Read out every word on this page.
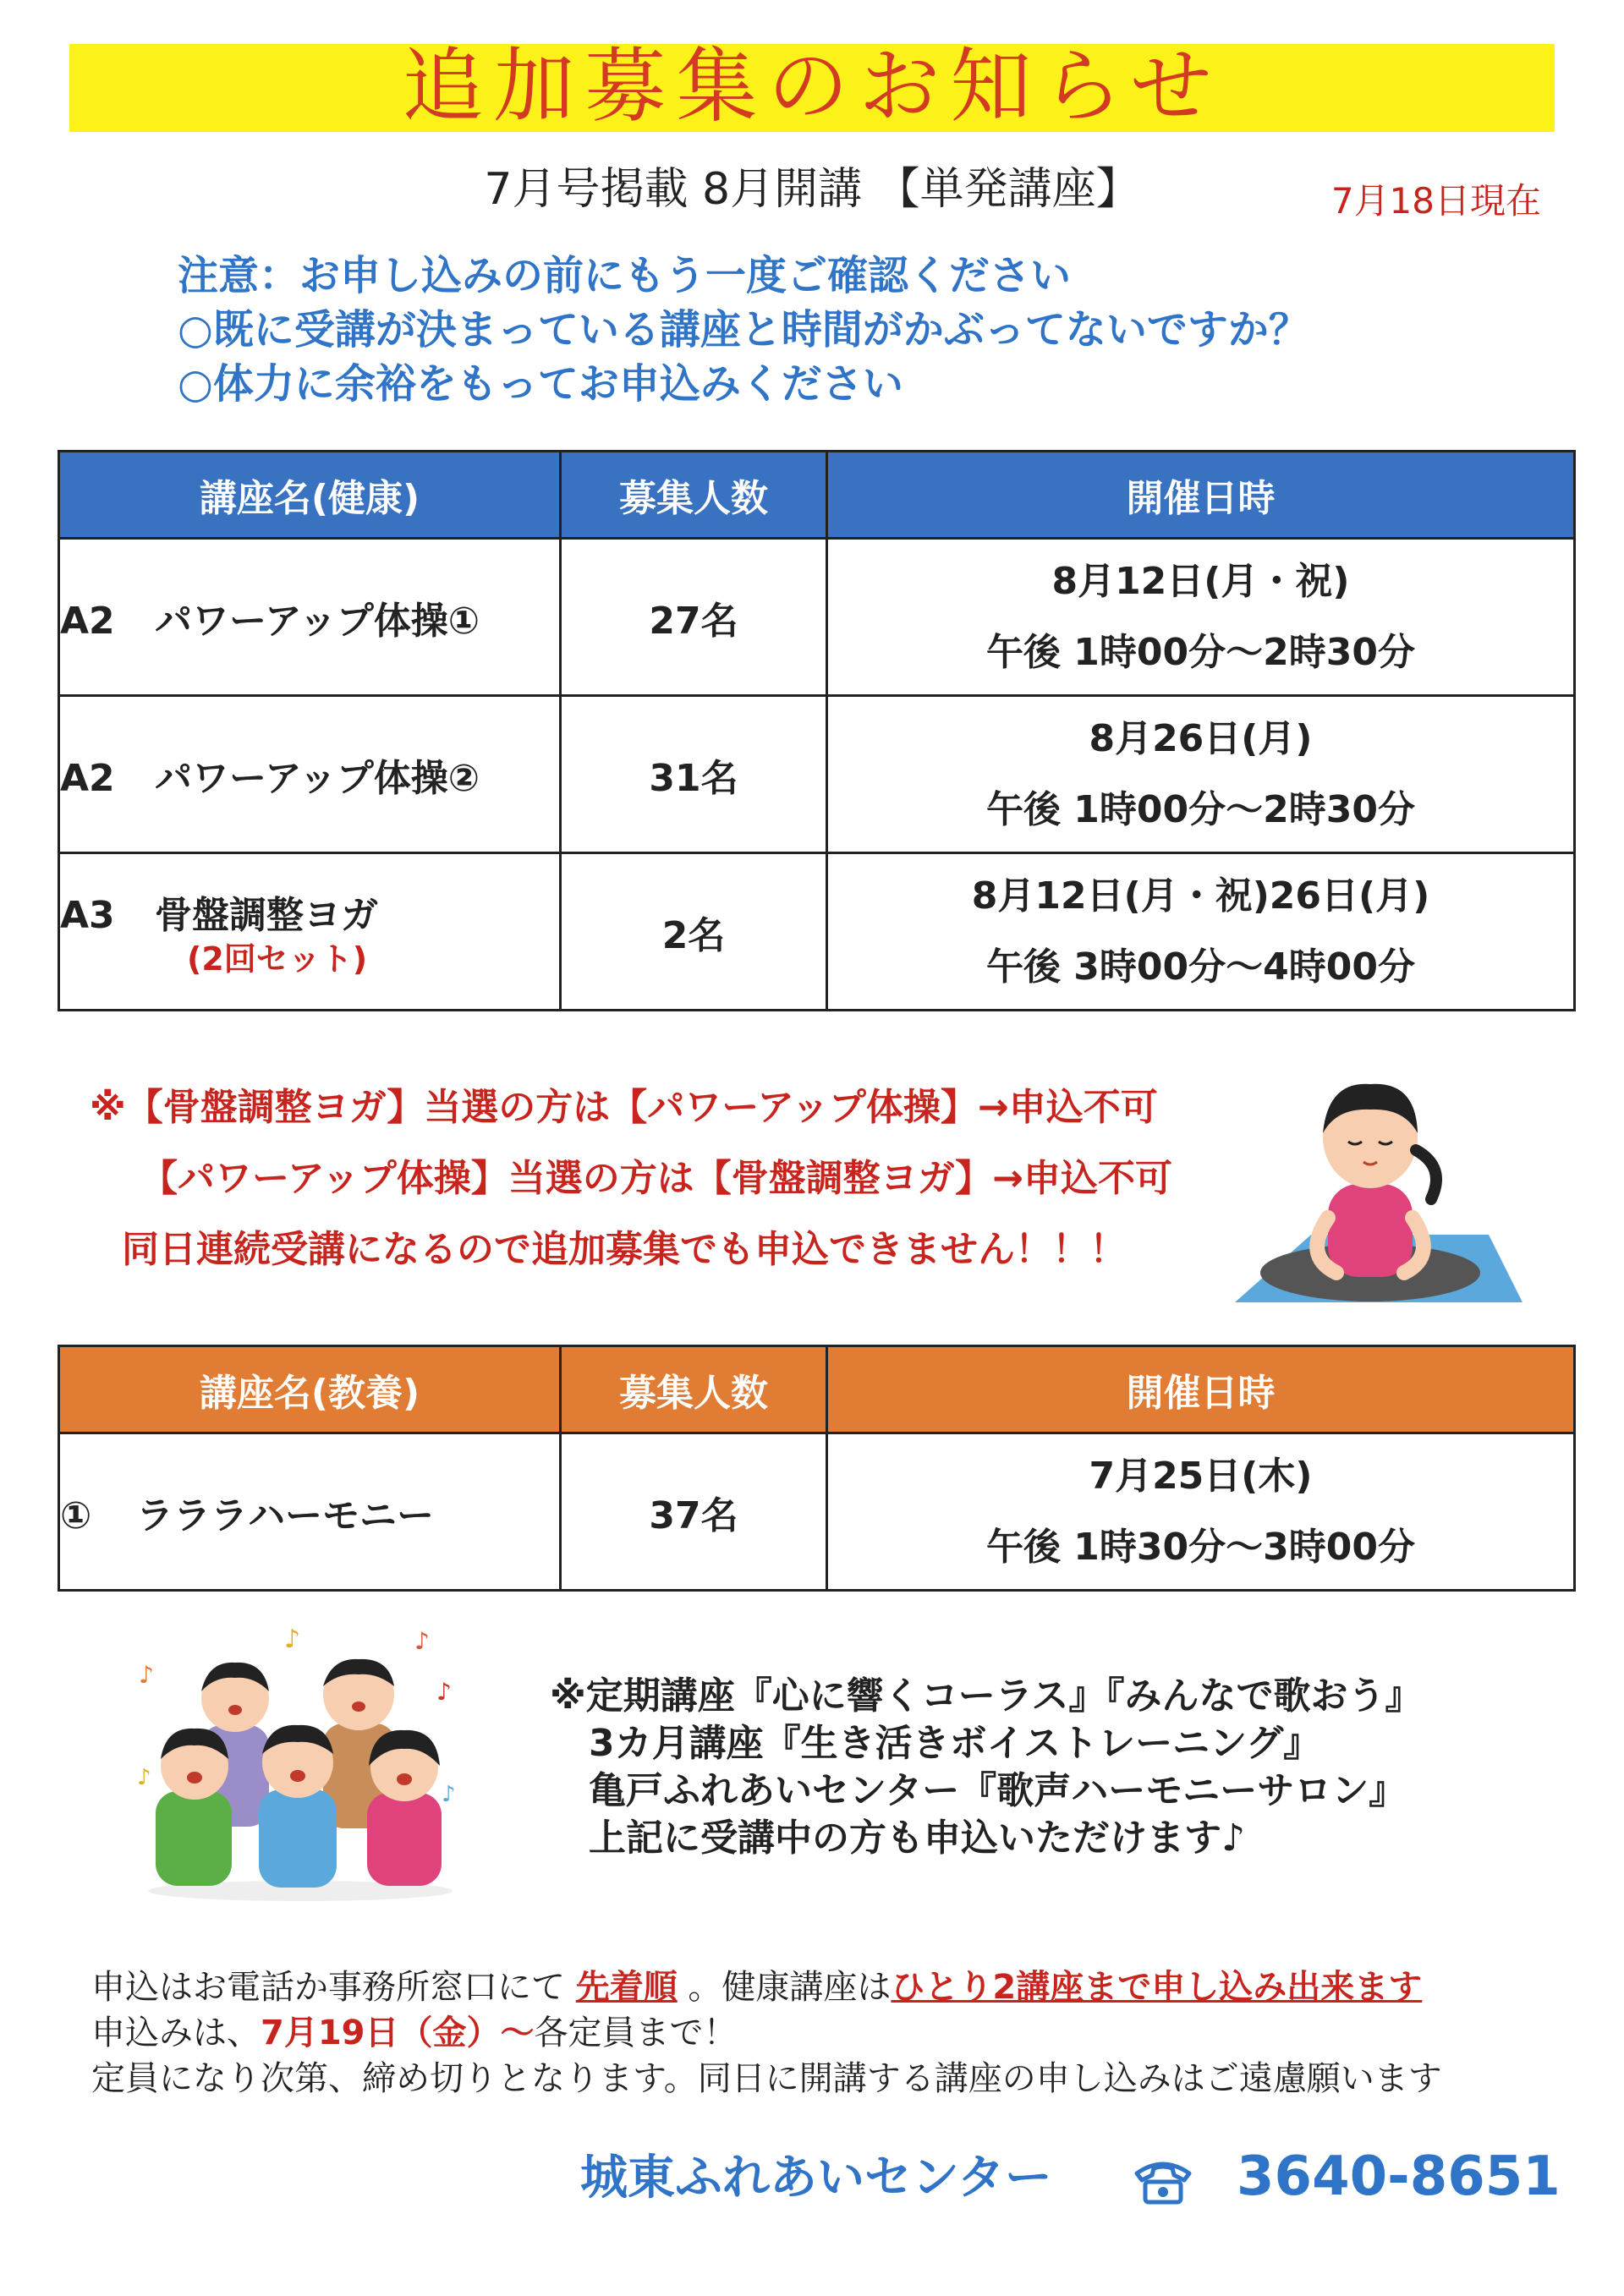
追加募集のお知らせ
7月号掲載 8月開講 【単発講座】	7月18日現在
注意：お申し込みの前にもう一度ご確認ください
○既に受講が決まっている講座と時間がかぶってないですか？
○体力に余裕をもってお申込みください
講座名(健康)	募集人数	開催日時
A2 パワーアップ体操①	27名	8月12日(月・祝)
午後 1時00分～2時30分

A2 パワーアップ体操②	31名	8月26日(月)
午後 1時00分～2時30分

A3 骨盤調整ヨガ
(2回セット)	2名	8月12日(月・祝)26日(月)
午後 3時00分～4時00分
※【骨盤調整ヨガ】当選の方は【パワーアップ体操】→申込不可
【パワーアップ体操】当選の方は【骨盤調整ヨガ】→申込不可
同日連続受講になるので追加募集でも申込できません！！！
講座名(教養)	募集人数	開催日時
① ラララハーモニー	37名	7月25日(木)
午後 1時30分～3時00分
♪	♪
♪
♪
♪
♪
※定期講座『心に響くコーラス』『みんなで歌おう』
3カ月講座『生き活きボイストレーニング』
亀戸ふれあいセンター『歌声ハーモニーサロン』
上記に受講中の方も申込いただけます♪
申込はお電話か事務所窓口にて 先着順 。健康講座はひとり2講座まで申し込み出来ます
申込みは、7月19日（金）～各定員まで！
定員になり次第、締め切りとなります。同日に開講する講座の申し込みはご遠慮願います
城東ふれあいセンター	3640-8651
